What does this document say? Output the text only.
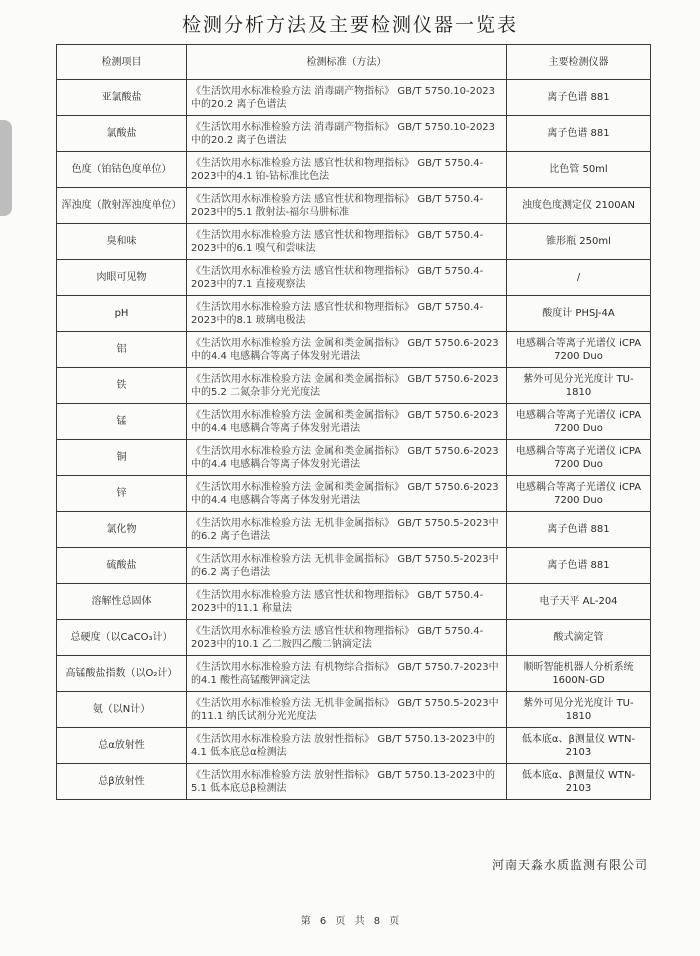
检测分析方法及主要检测仪器一览表
检测项目	检测标准（方法）	主要检测仪器
亚氯酸盐	《生活饮用水标准检验方法 消毒副产物指标》 GB/T 5750.10-2023中的20.2 离子色谱法	离子色谱 881
氯酸盐	《生活饮用水标准检验方法 消毒副产物指标》 GB/T 5750.10-2023中的20.2 离子色谱法	离子色谱 881
色度（铂钴色度单位）	《生活饮用水标准检验方法 感官性状和物理指标》 GB/T 5750.4-2023中的4.1 铂-钴标准比色法	比色管 50ml
浑浊度（散射浑浊度单位）	《生活饮用水标准检验方法 感官性状和物理指标》 GB/T 5750.4-2023中的5.1 散射法-福尔马肼标准	浊度色度测定仪 2100AN
臭和味	《生活饮用水标准检验方法 感官性状和物理指标》 GB/T 5750.4-2023中的6.1 嗅气和尝味法	锥形瓶 250ml
肉眼可见物	《生活饮用水标准检验方法 感官性状和物理指标》 GB/T 5750.4-2023中的7.1 直接观察法	/
pH	《生活饮用水标准检验方法 感官性状和物理指标》 GB/T 5750.4-2023中的8.1 玻璃电极法	酸度计 PHSJ-4A
铝	《生活饮用水标准检验方法 金属和类金属指标》 GB/T 5750.6-2023中的4.4 电感耦合等离子体发射光谱法	电感耦合等离子光谱仪 iCPA 7200 Duo
铁	《生活饮用水标准检验方法 金属和类金属指标》 GB/T 5750.6-2023中的5.2 二氮杂菲分光光度法	紫外可见分光光度计 TU-1810
锰	《生活饮用水标准检验方法 金属和类金属指标》 GB/T 5750.6-2023中的4.4 电感耦合等离子体发射光谱法	电感耦合等离子光谱仪 iCPA 7200 Duo
铜	《生活饮用水标准检验方法 金属和类金属指标》 GB/T 5750.6-2023中的4.4 电感耦合等离子体发射光谱法	电感耦合等离子光谱仪 iCPA 7200 Duo
锌	《生活饮用水标准检验方法 金属和类金属指标》 GB/T 5750.6-2023中的4.4 电感耦合等离子体发射光谱法	电感耦合等离子光谱仪 iCPA 7200 Duo
氯化物	《生活饮用水标准检验方法 无机非金属指标》 GB/T 5750.5-2023中的6.2 离子色谱法	离子色谱 881
硫酸盐	《生活饮用水标准检验方法 无机非金属指标》 GB/T 5750.5-2023中的6.2 离子色谱法	离子色谱 881
溶解性总固体	《生活饮用水标准检验方法 感官性状和物理指标》 GB/T 5750.4-2023中的11.1 称量法	电子天平 AL-204
总硬度（以CaCO₃计）	《生活饮用水标准检验方法 感官性状和物理指标》 GB/T 5750.4-2023中的10.1 乙二胺四乙酸二钠滴定法	酸式滴定管
高锰酸盐指数（以O₂计）	《生活饮用水标准检验方法 有机物综合指标》 GB/T 5750.7-2023中的4.1 酸性高锰酸钾滴定法	顺昕智能机器人分析系统 1600N-GD
氨（以N计）	《生活饮用水标准检验方法 无机非金属指标》 GB/T 5750.5-2023中的11.1 纳氏试剂分光光度法	紫外可见分光光度计 TU-1810
总α放射性	《生活饮用水标准检验方法 放射性指标》 GB/T 5750.13-2023中的4.1 低本底总α检测法	低本底α、β测量仪 WTN-2103
总β放射性	《生活饮用水标准检验方法 放射性指标》 GB/T 5750.13-2023中的5.1 低本底总β检测法	低本底α、β测量仪 WTN-2103
河南天淼水质监测有限公司
第 6 页 共 8 页
